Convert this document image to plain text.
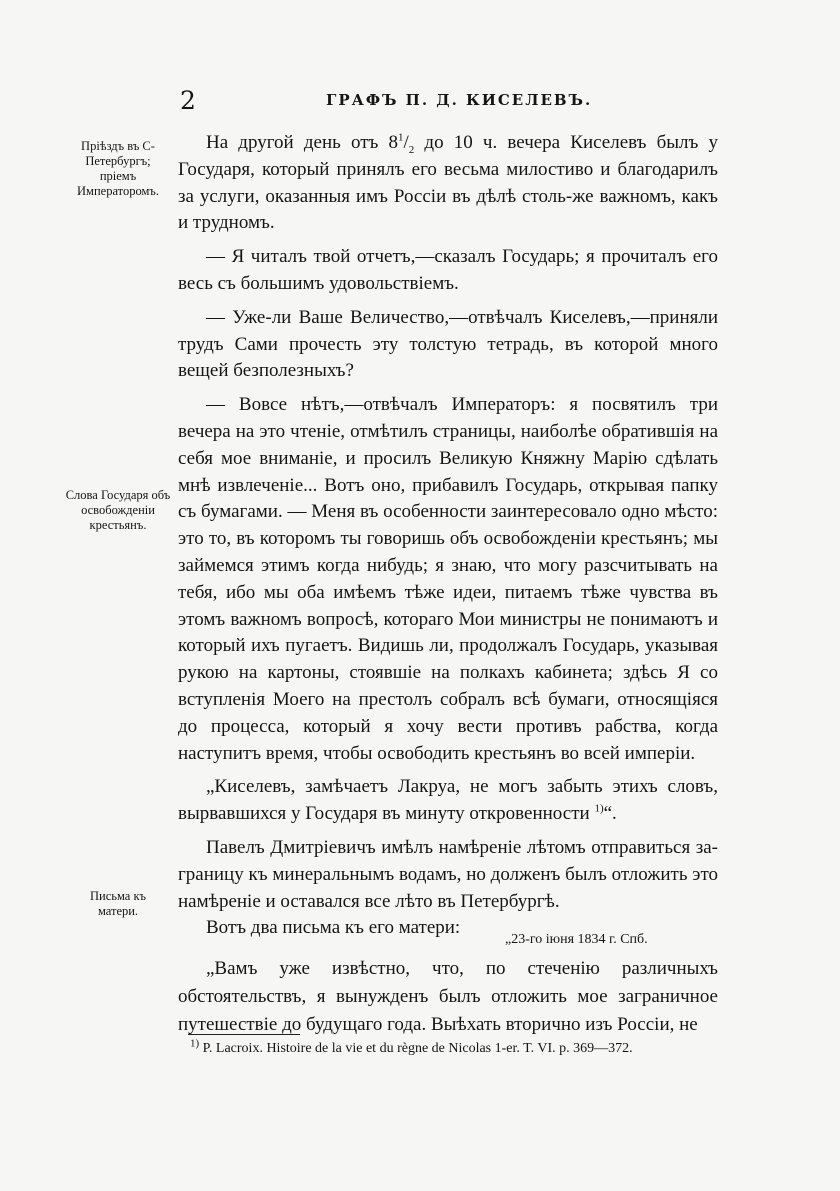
2	ГРАФЪ П. Д. КИСЕЛЕВЪ.
Прiѣздъ въ С-Петербургъ; прiемъ Императоромъ.
Слова Государя объ освобожденiи крестьянъ.
Письма къ матери.

На другой день отъ $8^1/_2$ до 10 ч. вечера Киселевъ былъ у Государя, который принялъ его весьма милостиво и благодарилъ за услуги, оказанныя имъ Россiи въ дѣлѣ столь-же важномъ, какъ и трудномъ.

— Я читалъ твой отчетъ,—сказалъ Государь; я прочиталъ его весь съ большимъ удовольствiемъ.

— Уже-ли Ваше Величество,—отвѣчалъ Киселевъ,—приняли трудъ Сами прочесть эту толстую тетрадь, въ которой много вещей безполезныхъ?

— Вовсе нѣтъ,—отвѣчалъ Императоръ: я посвятилъ три вечера на это чтенiе, отмѣтилъ страницы, наиболѣе обратившiя на себя мое вниманiе, и просилъ Великую Княжну Марiю сдѣлать мнѣ извлеченiе... Вотъ оно, прибавилъ Государь, открывая папку съ бумагами. — Меня въ особенности заинтересовало одно мѣсто: это то, въ которомъ ты говоришь объ освобожденiи крестьянъ; мы займемся этимъ когда нибудь; я знаю, что могу разсчитывать на тебя, ибо мы оба имѣемъ тѣже идеи, питаемъ тѣже чувства въ этомъ важномъ вопросѣ, котораго Мои министры не понимаютъ и который ихъ пугаетъ. Видишь ли, продолжалъ Государь, указывая рукою на картоны, стоявшiе на полкахъ кабинета; здѣсь Я со вступленiя Моего на престолъ собралъ всѣ бумаги, относящiяся до процесса, который я хочу вести противъ рабства, когда наступитъ время, чтобы освободить крестьянъ во всей имперiи.

„Киселевъ, замѣчаетъ Лакруа, не могъ забыть этихъ словъ, вырвавшихся у Государя въ минуту откровенности $^{1)}$“.

Павелъ Дмитрiевичъ имѣлъ намѣренiе лѣтомъ отправиться за-границу къ минеральнымъ водамъ, но долженъ былъ отложить это намѣренiе и оставался все лѣто въ Петербургѣ.

Вотъ два письма къ его матери:

„23-го iюня 1834 г. Спб.

„Вамъ уже извѣстно, что, по стеченiю различныхъ обстоятельствъ, я вынужденъ былъ отложить мое заграничное путешествiе до будущаго года. Выѣхать вторично изъ Россiи, не

$^{1)}$ P. Lacroix. Histoire de la vie et du règne de Nicolas 1-er. T. VI. p. 369—372.
